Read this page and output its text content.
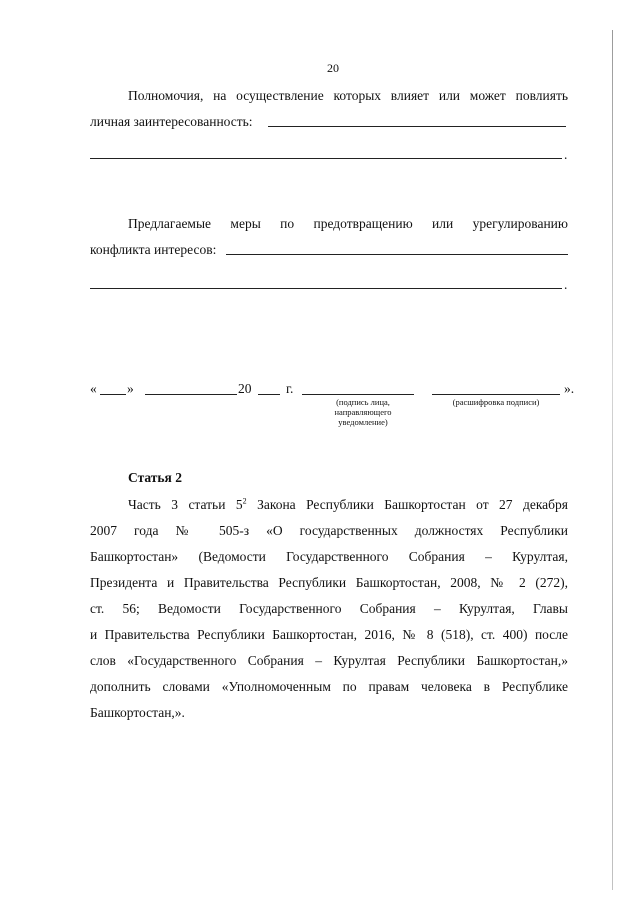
20
Полномочия, на осуществление которых влияет или может повлиять
личная заинтересованность:
.
Предлагаемые меры по предотвращению или урегулированию
конфликта интересов:
.
« »	20	г.	».
(подпись лица,
направляющего
уведомление)
(расшифровка подписи)
Статья 2
Часть 3 статьи $5^2$ Закона Республики Башкортостан от 27 декабря
2007 года № 505-з «О государственных должностях Республики
Башкортостан» (Ведомости Государственного Собрания – Курултая,
Президента и Правительства Республики Башкортостан, 2008, № 2 (272),
ст. 56; Ведомости Государственного Собрания – Курултая, Главы
и Правительства Республики Башкортостан, 2016, № 8 (518), ст. 400) после
слов «Государственного Собрания – Курултая Республики Башкортостан,»
дополнить словами «Уполномоченным по правам человека в Республике
Башкортостан,».
